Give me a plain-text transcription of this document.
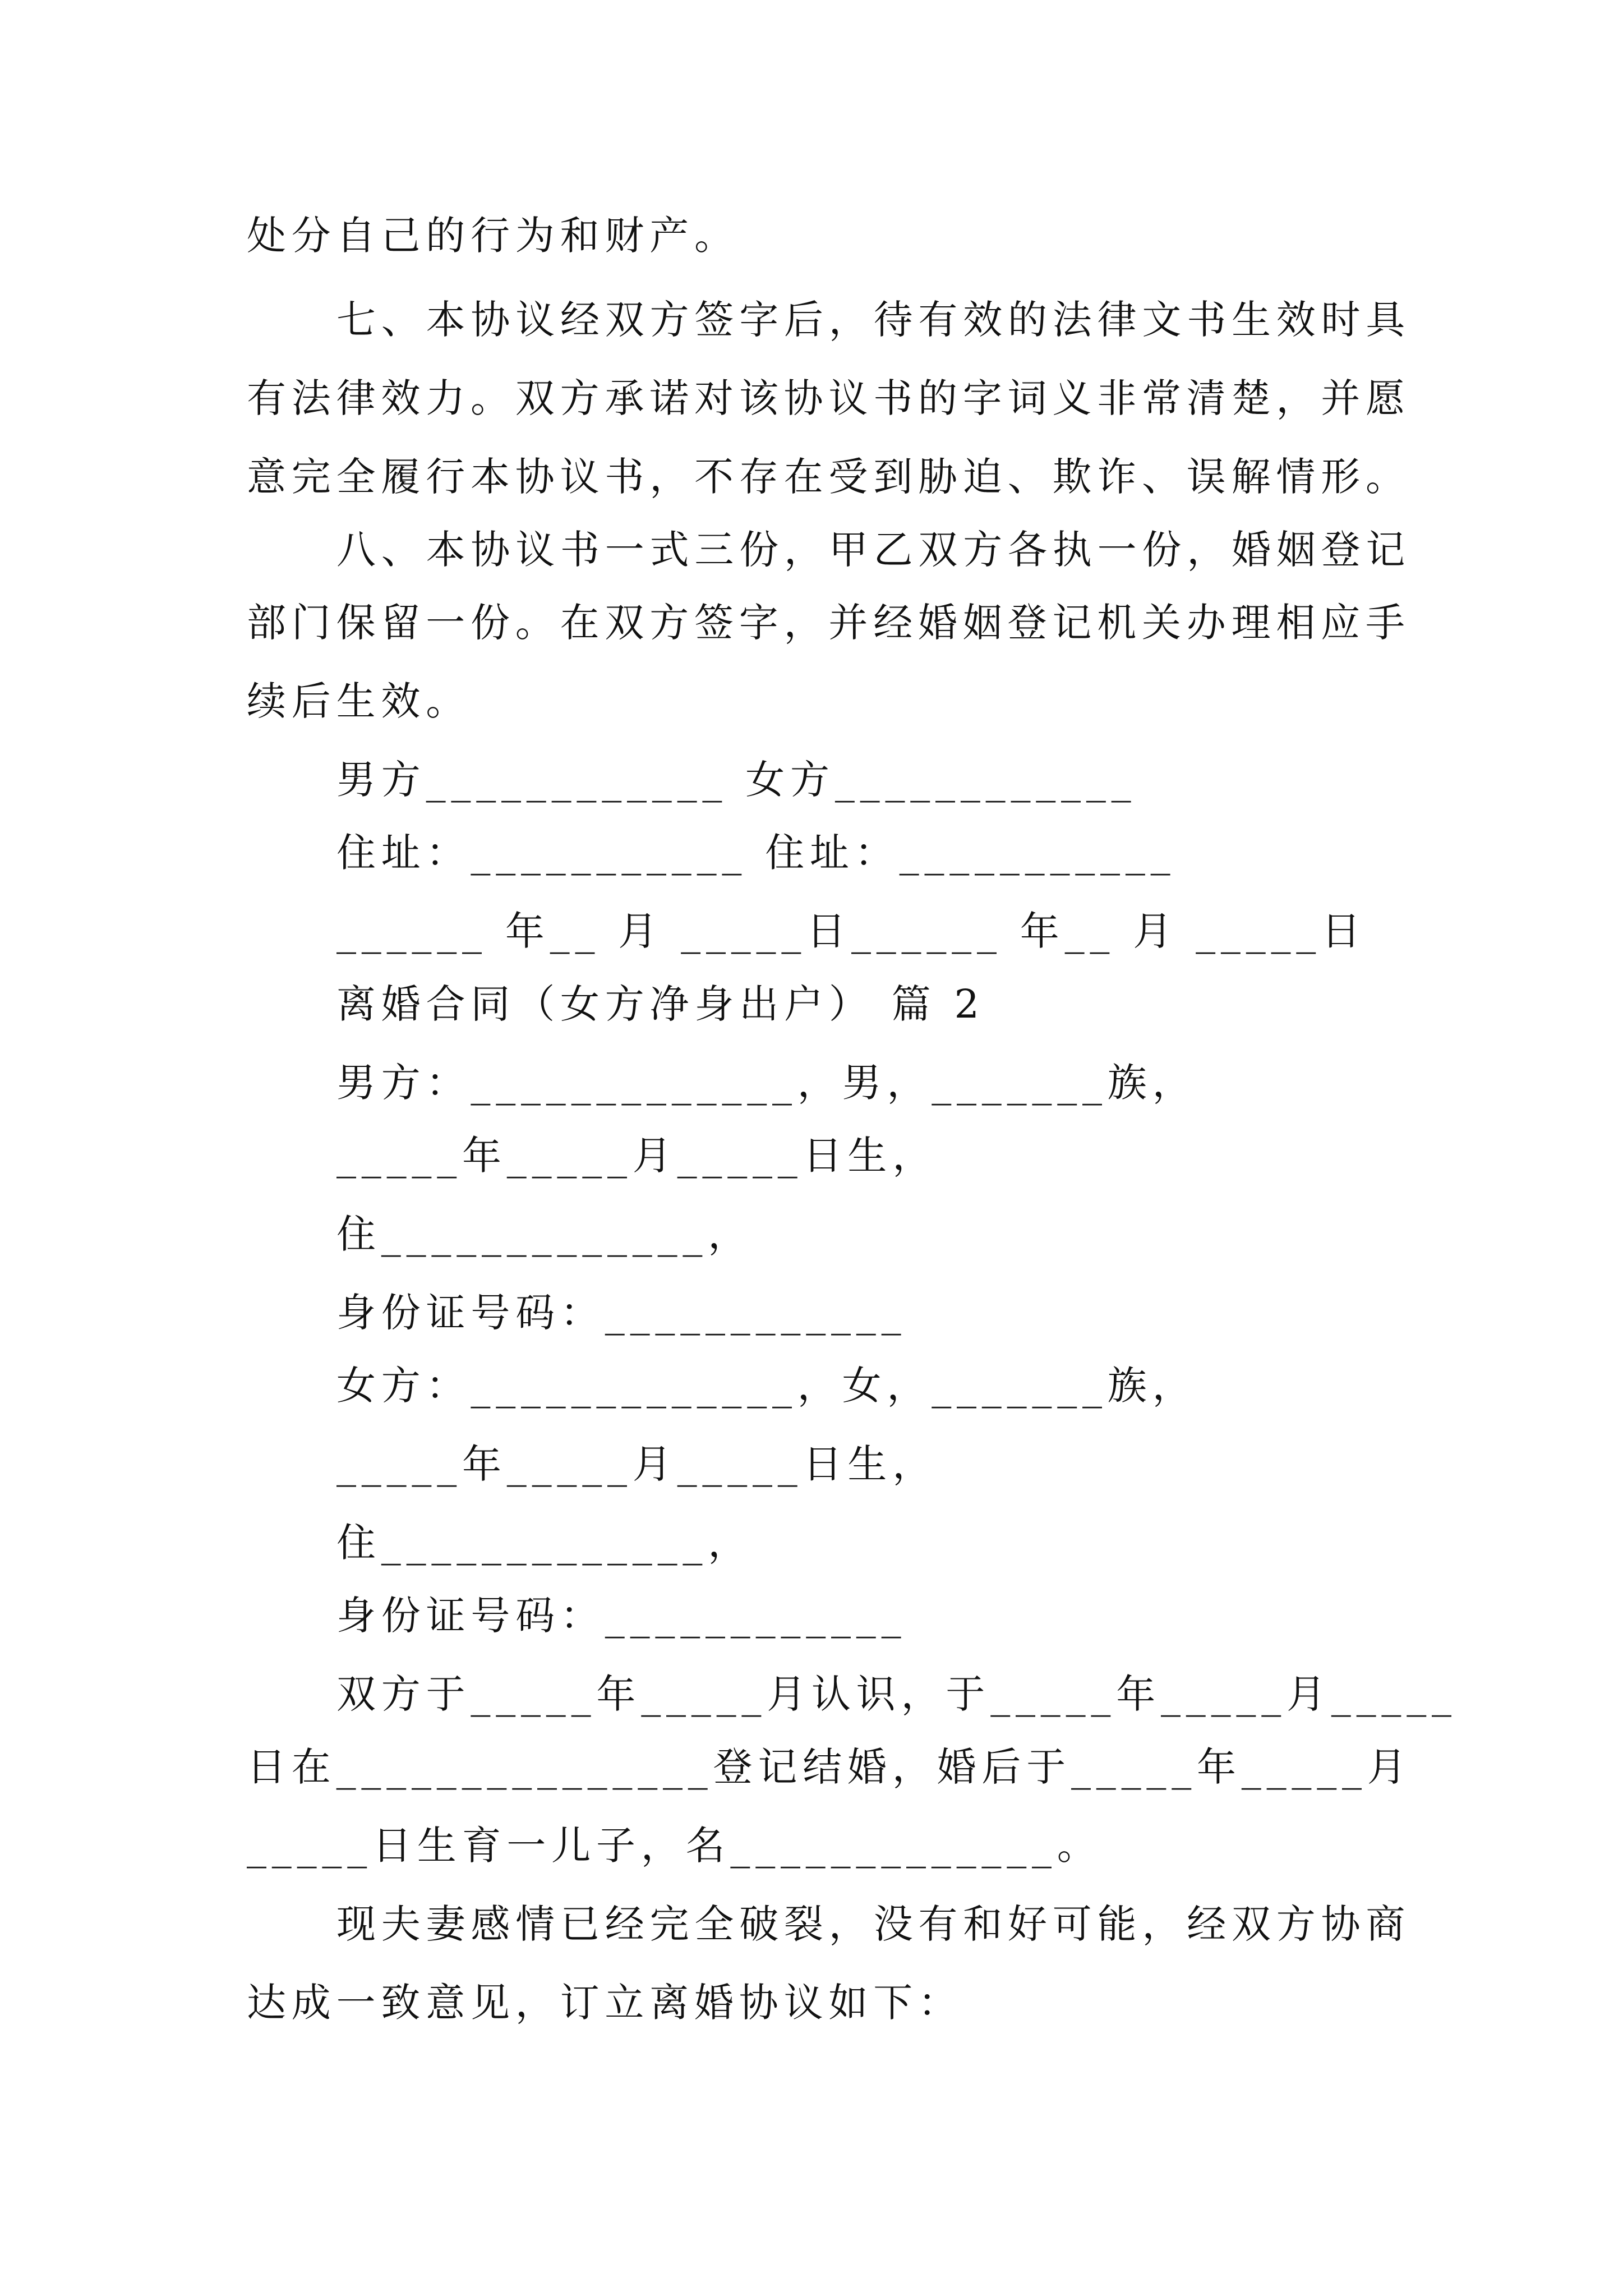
处分自己的行为和财产。
七、本协议经双方签字后，待有效的法律文书生效时具
有法律效力。双方承诺对该协议书的字词义非常清楚，并愿
意完全履行本协议书，不存在受到胁迫、欺诈、误解情形。
八、本协议书一式三份，甲乙双方各执一份，婚姻登记
部门保留一份。在双方签字，并经婚姻登记机关办理相应手
续后生效。
男方____________ 女方____________
住址：___________ 住址：___________
______ 年__ 月 _____日______ 年__ 月 _____日
离婚合同（女方净身出户） 篇 2
男方：_____________，男，_______族，
_____年_____月_____日生，
住_____________，
身份证号码：____________
女方：_____________，女，_______族，
_____年_____月_____日生，
住_____________，
身份证号码：____________
双方于_____年_____月认识，于_____年_____月_____
日在_______________登记结婚，婚后于_____年_____月
_____日生育一儿子，名_____________。
现夫妻感情已经完全破裂，没有和好可能，经双方协商
达成一致意见，订立离婚协议如下：
